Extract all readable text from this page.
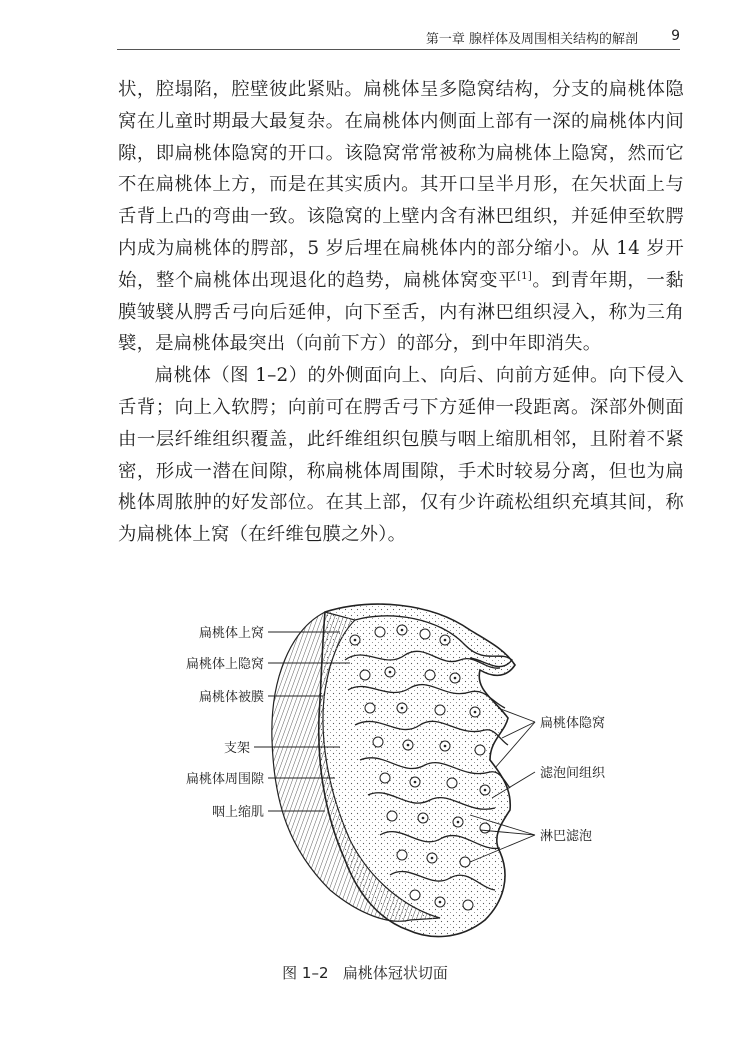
第一章 腺样体及周围相关结构的解剖 9

状，腔塌陷，腔壁彼此紧贴。扁桃体呈多隐窝结构，分支的扁桃体隐窝在儿童时期最大最复杂。在扁桃体内侧面上部有一深的扁桃体内间隙，即扁桃体隐窝的开口。该隐窝常常被称为扁桃体上隐窝，然而它不在扁桃体上方，而是在其实质内。其开口呈半月形，在矢状面上与舌背上凸的弯曲一致。该隐窝的上壁内含有淋巴组织，并延伸至软腭内成为扁桃体的腭部，5 岁后埋在扁桃体内的部分缩小。从 14 岁开始，整个扁桃体出现退化的趋势，扁桃体窝变平[1]。到青年期，一黏膜皱襞从腭舌弓向后延伸，向下至舌，内有淋巴组织浸入，称为三角襞，是扁桃体最突出（向前下方）的部分，到中年即消失。

扁桃体（图 1–2）的外侧面向上、向后、向前方延伸。向下侵入舌背；向上入软腭；向前可在腭舌弓下方延伸一段距离。深部外侧面由一层纤维组织覆盖，此纤维组织包膜与咽上缩肌相邻，且附着不紧密，形成一潜在间隙，称扁桃体周围隙，手术时较易分离，但也为扁桃体周脓肿的好发部位。在其上部，仅有少许疏松组织充填其间，称为扁桃体上窝（在纤维包膜之外）。

扁桃体上窝
扁桃体上隐窝
扁桃体被膜
支架
扁桃体周围隙
咽上缩肌
扁桃体隐窝
滤泡间组织
淋巴滤泡
图 1–2 扁桃体冠状切面
